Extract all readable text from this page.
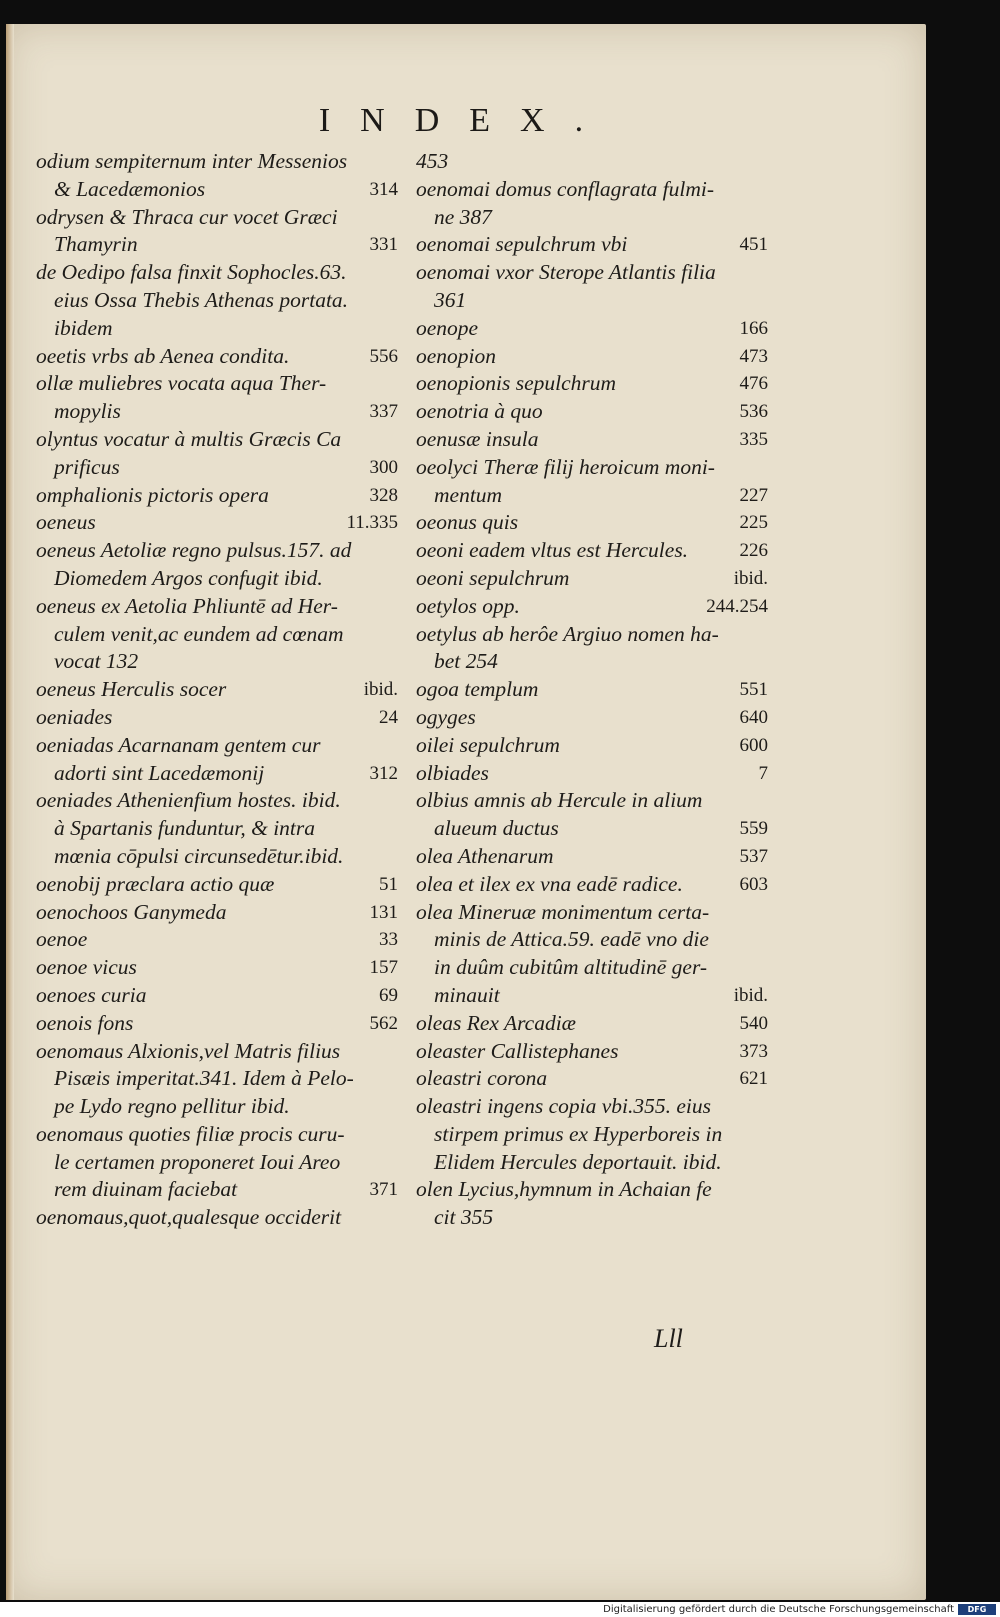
INDEX.
odium sempiternum inter Messenios
& Lacedæmonios	314
odrysen & Thraca cur vocet Græci
Thamyrin	331
de Oedipo falsa finxit Sophocles.63.
eius Ossa Thebis Athenas portata.
ibidem
oeetis vrbs ab Aenea condita.	556
ollæ muliebres vocata aqua Ther-
mopylis	337
olyntus vocatur à multis Græcis Ca
prificus	300
omphalionis pictoris opera	328
oeneus	11.335
oeneus Aetoliæ regno pulsus.157. ad
Diomedem Argos confugit ibid.
oeneus ex Aetolia Phliuntē ad Her-
culem venit,ac eundem ad cœnam
vocat 132
oeneus Herculis socer	ibid.
oeniades	24
oeniadas Acarnanam gentem cur
adorti sint Lacedæmonij	312
oeniades Athenienfium hostes. ibid.
à Spartanis funduntur, & intra
mœnia cōpulsi circunsedētur.ibid.
oenobij præclara actio quæ	51
oenochoos Ganymeda	131
oenoe	33
oenoe vicus	157
oenoes curia	69
oenois fons	562
oenomaus Alxionis,vel Matris filius
Pisæis imperitat.341. Idem à Pelo-
pe Lydo regno pellitur ibid.
oenomaus quoties filiæ procis curu-
le certamen proponeret Ioui Areo
rem diuinam faciebat	371
oenomaus,quot,qualesque occiderit
453
oenomai domus conflagrata fulmi-
ne 387
oenomai sepulchrum vbi	451
oenomai vxor Sterope Atlantis filia
361
oenope	166
oenopion	473
oenopionis sepulchrum	476
oenotria à quo	536
oenusæ insula	335
oeolyci Theræ filij heroicum moni-
mentum	227
oeonus quis	225
oeoni eadem vltus est Hercules.	226
oeoni sepulchrum	ibid.
oetylos opp.	244.254
oetylus ab herôe Argiuo nomen ha-
bet 254
ogoa templum	551
ogyges	640
oilei sepulchrum	600
olbiades	7
olbius amnis ab Hercule in alium
alueum ductus	559
olea Athenarum	537
olea et ilex ex vna eadē radice.	603
olea Mineruæ monimentum certa-
minis de Attica.59. eadē vno die
in duûm cubitûm altitudinē ger-
minauit	ibid.
oleas Rex Arcadiæ	540
oleaster Callistephanes	373
oleastri corona	621
oleastri ingens copia vbi.355. eius
stirpem primus ex Hyperboreis in
Elidem Hercules deportauit. ibid.
olen Lycius,hymnum in Achaian fe
cit 355
Lll
Digitalisierung gefördert durch die Deutsche Forschungsgemeinschaft	DFG
